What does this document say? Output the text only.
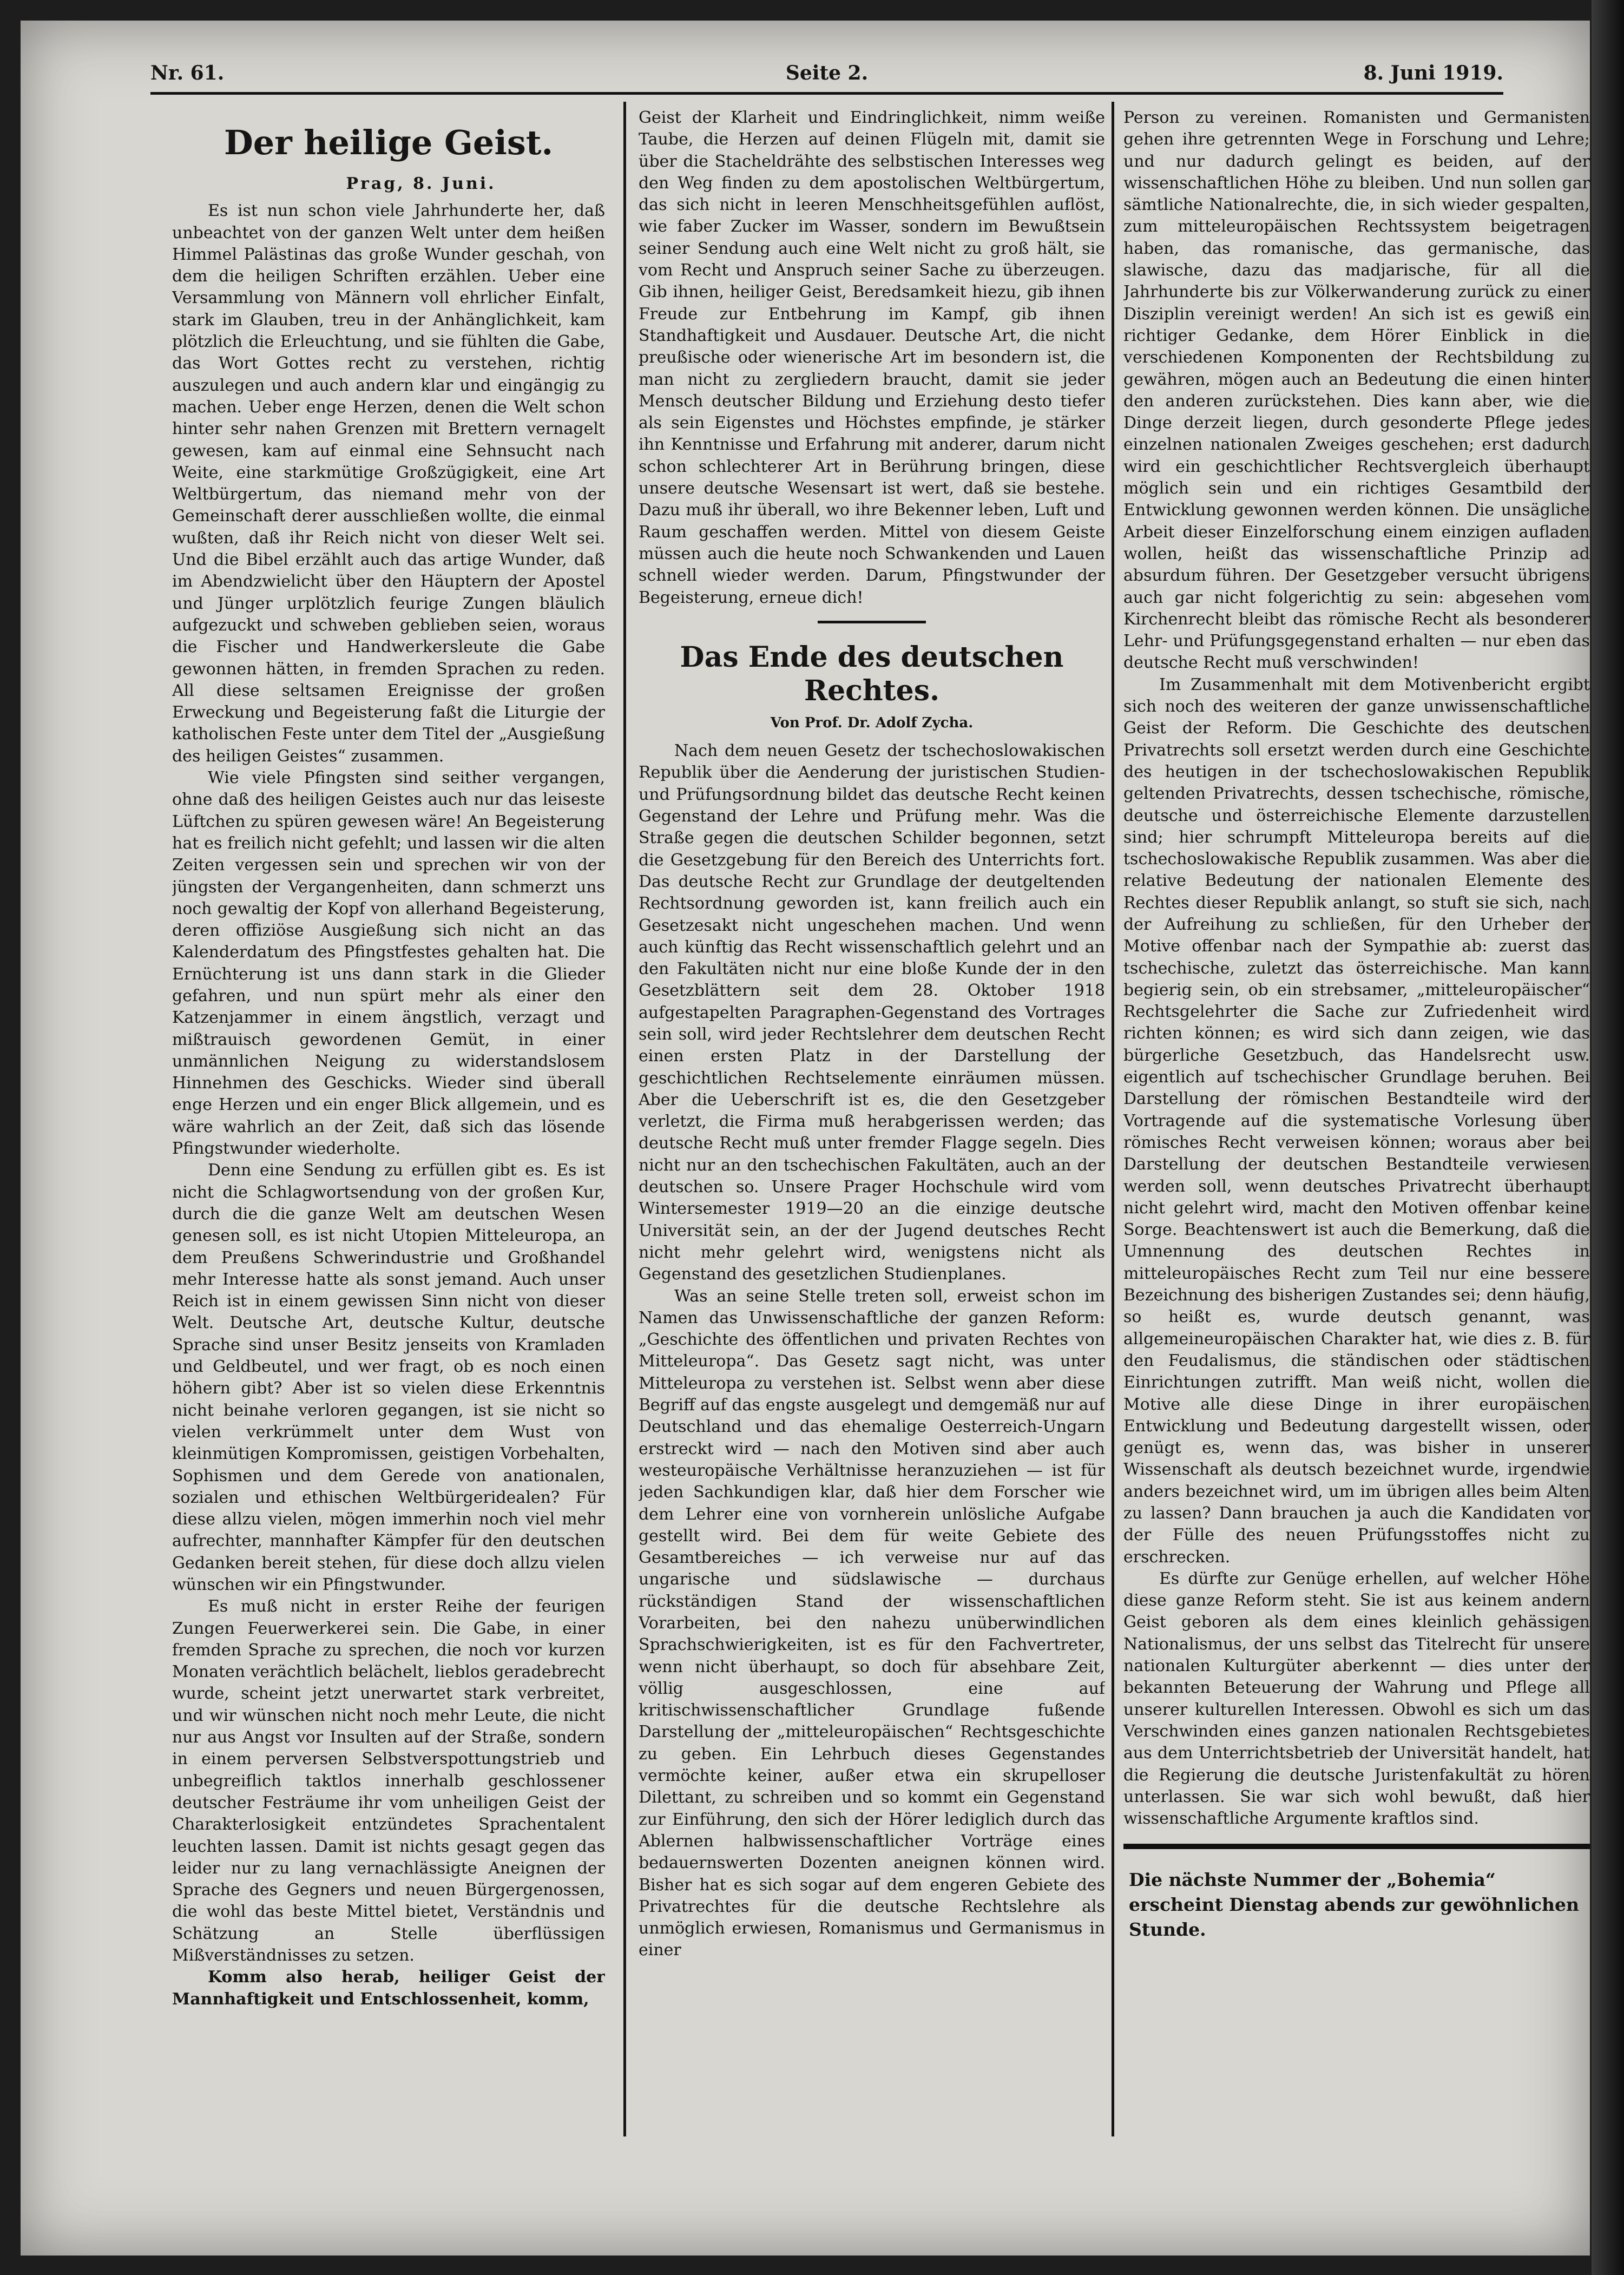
Nr. 61.	Seite 2.	8. Juni 1919.
Der heilige Geist.
Prag, 8. Juni.

Es ist nun schon viele Jahrhunderte her, daß unbeachtet von der ganzen Welt unter dem heißen Himmel Palästinas das große Wunder geschah, von dem die heiligen Schriften erzählen. Ueber eine Versammlung von Männern voll ehrlicher Einfalt, stark im Glauben, treu in der Anhänglichkeit, kam plötzlich die Erleuchtung, und sie fühlten die Gabe, das Wort Gottes recht zu verstehen, richtig auszulegen und auch andern klar und eingängig zu machen. Ueber enge Herzen, denen die Welt schon hinter sehr nahen Grenzen mit Brettern vernagelt gewesen, kam auf einmal eine Sehnsucht nach Weite, eine starkmütige Großzügigkeit, eine Art Weltbürgertum, das niemand mehr von der Gemeinschaft derer ausschließen wollte, die einmal wußten, daß ihr Reich nicht von dieser Welt sei. Und die Bibel erzählt auch das artige Wunder, daß im Abendzwielicht über den Häuptern der Apostel und Jünger urplötzlich feurige Zungen bläulich aufgezuckt und schweben geblieben seien, woraus die Fischer und Handwerkersleute die Gabe gewonnen hätten, in fremden Sprachen zu reden. All diese seltsamen Ereignisse der großen Erweckung und Begeisterung faßt die Liturgie der katholischen Feste unter dem Titel der „Ausgießung des heiligen Geistes“ zusammen.

Wie viele Pfingsten sind seither vergangen, ohne daß des heiligen Geistes auch nur das leiseste Lüftchen zu spüren gewesen wäre! An Begeisterung hat es freilich nicht gefehlt; und lassen wir die alten Zeiten vergessen sein und sprechen wir von der jüngsten der Vergangenheiten, dann schmerzt uns noch gewaltig der Kopf von allerhand Begeisterung, deren offiziöse Ausgießung sich nicht an das Kalenderdatum des Pfingstfestes gehalten hat. Die Ernüchterung ist uns dann stark in die Glieder gefahren, und nun spürt mehr als einer den Katzenjammer in einem ängstlich, verzagt und mißtrauisch gewordenen Gemüt, in einer unmännlichen Neigung zu widerstandslosem Hinnehmen des Geschicks. Wieder sind überall enge Herzen und ein enger Blick allgemein, und es wäre wahrlich an der Zeit, daß sich das lösende Pfingstwunder wiederholte.

Denn eine Sendung zu erfüllen gibt es. Es ist nicht die Schlagwortsendung von der großen Kur, durch die die ganze Welt am deutschen Wesen genesen soll, es ist nicht Utopien Mitteleuropa, an dem Preußens Schwerindustrie und Großhandel mehr Interesse hatte als sonst jemand. Auch unser Reich ist in einem gewissen Sinn nicht von dieser Welt. Deutsche Art, deutsche Kultur, deutsche Sprache sind unser Besitz jenseits von Kramladen und Geldbeutel, und wer fragt, ob es noch einen höhern gibt? Aber ist so vielen diese Erkenntnis nicht beinahe verloren gegangen, ist sie nicht so vielen verkrümmelt unter dem Wust von kleinmütigen Kompromissen, geistigen Vorbehalten, Sophismen und dem Gerede von anationalen, sozialen und ethischen Weltbürgeridealen? Für diese allzu vielen, mögen immerhin noch viel mehr aufrechter, mannhafter Kämpfer für den deutschen Gedanken bereit stehen, für diese doch allzu vielen wünschen wir ein Pfingstwunder.

Es muß nicht in erster Reihe der feurigen Zungen Feuerwerkerei sein. Die Gabe, in einer fremden Sprache zu sprechen, die noch vor kurzen Monaten verächtlich belächelt, lieblos geradebrecht wurde, scheint jetzt unerwartet stark verbreitet, und wir wünschen nicht noch mehr Leute, die nicht nur aus Angst vor Insulten auf der Straße, sondern in einem perversen Selbstverspottungstrieb und unbegreiflich taktlos innerhalb geschlossener deutscher Festräume ihr vom unheiligen Geist der Charakterlosigkeit entzündetes Sprachentalent leuchten lassen. Damit ist nichts gesagt gegen das leider nur zu lang vernachlässigte Aneignen der Sprache des Gegners und neuen Bürgergenossen, die wohl das beste Mittel bietet, Verständnis und Schätzung an Stelle überflüssigen Mißverständnisses zu setzen.

Komm also herab, heiliger Geist der Mannhaftigkeit und Entschlossenheit, komm,

Geist der Klarheit und Eindringlichkeit, nimm weiße Taube, die Herzen auf deinen Flügeln mit, damit sie über die Stacheldrähte des selbstischen Interesses weg den Weg finden zu dem apostolischen Weltbürgertum, das sich nicht in leeren Menschheitsgefühlen auflöst, wie faber Zucker im Wasser, sondern im Bewußtsein seiner Sendung auch eine Welt nicht zu groß hält, sie vom Recht und Anspruch seiner Sache zu überzeugen. Gib ihnen, heiliger Geist, Beredsamkeit hiezu, gib ihnen Freude zur Entbehrung im Kampf, gib ihnen Standhaftigkeit und Ausdauer. Deutsche Art, die nicht preußische oder wienerische Art im besondern ist, die man nicht zu zergliedern braucht, damit sie jeder Mensch deutscher Bildung und Erziehung desto tiefer als sein Eigenstes und Höchstes empfinde, je stärker ihn Kenntnisse und Erfahrung mit anderer, darum nicht schon schlechterer Art in Berührung bringen, diese unsere deutsche Wesensart ist wert, daß sie bestehe. Dazu muß ihr überall, wo ihre Bekenner leben, Luft und Raum geschaffen werden. Mittel von diesem Geiste müssen auch die heute noch Schwankenden und Lauen schnell wieder werden. Darum, Pfingstwunder der Begeisterung, erneue dich!

Das Ende des deutschen Rechtes.
Von Prof. Dr. Adolf Zycha.

Nach dem neuen Gesetz der tschechoslowakischen Republik über die Aenderung der juristischen Studien- und Prüfungsordnung bildet das deutsche Recht keinen Gegenstand der Lehre und Prüfung mehr. Was die Straße gegen die deutschen Schilder begonnen, setzt die Gesetzgebung für den Bereich des Unterrichts fort. Das deutsche Recht zur Grundlage der deutgeltenden Rechtsordnung geworden ist, kann freilich auch ein Gesetzesakt nicht ungeschehen machen. Und wenn auch künftig das Recht wissenschaftlich gelehrt und an den Fakultäten nicht nur eine bloße Kunde der in den Gesetzblättern seit dem 28. Oktober 1918 aufgestapelten Paragraphen-Gegenstand des Vortrages sein soll, wird jeder Rechtslehrer dem deutschen Recht einen ersten Platz in der Darstellung der geschichtlichen Rechtselemente einräumen müssen. Aber die Ueberschrift ist es, die den Gesetzgeber verletzt, die Firma muß herabgerissen werden; das deutsche Recht muß unter fremder Flagge segeln. Dies nicht nur an den tschechischen Fakultäten, auch an der deutschen so. Unsere Prager Hochschule wird vom Wintersemester 1919—20 an die einzige deutsche Universität sein, an der der Jugend deutsches Recht nicht mehr gelehrt wird, wenigstens nicht als Gegenstand des gesetzlichen Studienplanes.

Was an seine Stelle treten soll, erweist schon im Namen das Unwissenschaftliche der ganzen Reform: „Geschichte des öffentlichen und privaten Rechtes von Mitteleuropa“. Das Gesetz sagt nicht, was unter Mitteleuropa zu verstehen ist. Selbst wenn aber diese Begriff auf das engste ausgelegt und demgemäß nur auf Deutschland und das ehemalige Oesterreich-Ungarn erstreckt wird — nach den Motiven sind aber auch westeuropäische Verhältnisse heranzuziehen — ist für jeden Sachkundigen klar, daß hier dem Forscher wie dem Lehrer eine von vornherein unlösliche Aufgabe gestellt wird. Bei dem für weite Gebiete des Gesamtbereiches — ich verweise nur auf das ungarische und südslawische — durchaus rückständigen Stand der wissenschaftlichen Vorarbeiten, bei den nahezu unüberwindlichen Sprachschwierigkeiten, ist es für den Fachvertreter, wenn nicht überhaupt, so doch für absehbare Zeit, völlig ausgeschlossen, eine auf kritischwissenschaftlicher Grundlage fußende Darstellung der „mitteleuropäischen“ Rechtsgeschichte zu geben. Ein Lehrbuch dieses Gegenstandes vermöchte keiner, außer etwa ein skrupelloser Dilettant, zu schreiben und so kommt ein Gegenstand zur Einführung, den sich der Hörer lediglich durch das Ablernen halbwissenschaftlicher Vorträge eines bedauernswerten Dozenten aneignen können wird. Bisher hat es sich sogar auf dem engeren Gebiete des Privatrechtes für die deutsche Rechtslehre als unmöglich erwiesen, Romanismus und Germanismus in einer

Person zu vereinen. Romanisten und Germanisten gehen ihre getrennten Wege in Forschung und Lehre; und nur dadurch gelingt es beiden, auf der wissenschaftlichen Höhe zu bleiben. Und nun sollen gar sämtliche Nationalrechte, die, in sich wieder gespalten, zum mitteleuropäischen Rechtssystem beigetragen haben, das romanische, das germanische, das slawische, dazu das madjarische, für all die Jahrhunderte bis zur Völkerwanderung zurück zu einer Disziplin vereinigt werden! An sich ist es gewiß ein richtiger Gedanke, dem Hörer Einblick in die verschiedenen Komponenten der Rechtsbildung zu gewähren, mögen auch an Bedeutung die einen hinter den anderen zurückstehen. Dies kann aber, wie die Dinge derzeit liegen, durch gesonderte Pflege jedes einzelnen nationalen Zweiges geschehen; erst dadurch wird ein geschichtlicher Rechtsvergleich überhaupt möglich sein und ein richtiges Gesamtbild der Entwicklung gewonnen werden können. Die unsägliche Arbeit dieser Einzelforschung einem einzigen aufladen wollen, heißt das wissenschaftliche Prinzip ad absurdum führen. Der Gesetzgeber versucht übrigens auch gar nicht folgerichtig zu sein: abgesehen vom Kirchenrecht bleibt das römische Recht als besonderer Lehr- und Prüfungsgegenstand erhalten — nur eben das deutsche Recht muß verschwinden!

Im Zusammenhalt mit dem Motivenbericht ergibt sich noch des weiteren der ganze unwissenschaftliche Geist der Reform. Die Geschichte des deutschen Privatrechts soll ersetzt werden durch eine Geschichte des heutigen in der tschechoslowakischen Republik geltenden Privatrechts, dessen tschechische, römische, deutsche und österreichische Elemente darzustellen sind; hier schrumpft Mitteleuropa bereits auf die tschechoslowakische Republik zusammen. Was aber die relative Bedeutung der nationalen Elemente des Rechtes dieser Republik anlangt, so stuft sie sich, nach der Aufreihung zu schließen, für den Urheber der Motive offenbar nach der Sympathie ab: zuerst das tschechische, zuletzt das österreichische. Man kann begierig sein, ob ein strebsamer, „mitteleuropäischer“ Rechtsgelehrter die Sache zur Zufriedenheit wird richten können; es wird sich dann zeigen, wie das bürgerliche Gesetzbuch, das Handelsrecht usw. eigentlich auf tschechischer Grundlage beruhen. Bei Darstellung der römischen Bestandteile wird der Vortragende auf die systematische Vorlesung über römisches Recht verweisen können; woraus aber bei Darstellung der deutschen Bestandteile verwiesen werden soll, wenn deutsches Privatrecht überhaupt nicht gelehrt wird, macht den Motiven offenbar keine Sorge. Beachtenswert ist auch die Bemerkung, daß die Umnennung des deutschen Rechtes in mitteleuropäisches Recht zum Teil nur eine bessere Bezeichnung des bisherigen Zustandes sei; denn häufig, so heißt es, wurde deutsch genannt, was allgemeineuropäischen Charakter hat, wie dies z. B. für den Feudalismus, die ständischen oder städtischen Einrichtungen zutrifft. Man weiß nicht, wollen die Motive alle diese Dinge in ihrer europäischen Entwicklung und Bedeutung dargestellt wissen, oder genügt es, wenn das, was bisher in unserer Wissenschaft als deutsch bezeichnet wurde, irgendwie anders bezeichnet wird, um im übrigen alles beim Alten zu lassen? Dann brauchen ja auch die Kandidaten vor der Fülle des neuen Prüfungsstoffes nicht zu erschrecken.

Es dürfte zur Genüge erhellen, auf welcher Höhe diese ganze Reform steht. Sie ist aus keinem andern Geist geboren als dem eines kleinlich gehässigen Nationalismus, der uns selbst das Titelrecht für unsere nationalen Kulturgüter aberkennt — dies unter der bekannten Beteuerung der Wahrung und Pflege all unserer kulturellen Interessen. Obwohl es sich um das Verschwinden eines ganzen nationalen Rechtsgebietes aus dem Unterrichtsbetrieb der Universität handelt, hat die Regierung die deutsche Juristenfakultät zu hören unterlassen. Sie war sich wohl bewußt, daß hier wissenschaftliche Argumente kraftlos sind.

Die nächste Nummer der „Bohemia“ erscheint Dienstag abends zur gewöhnlichen Stunde.
